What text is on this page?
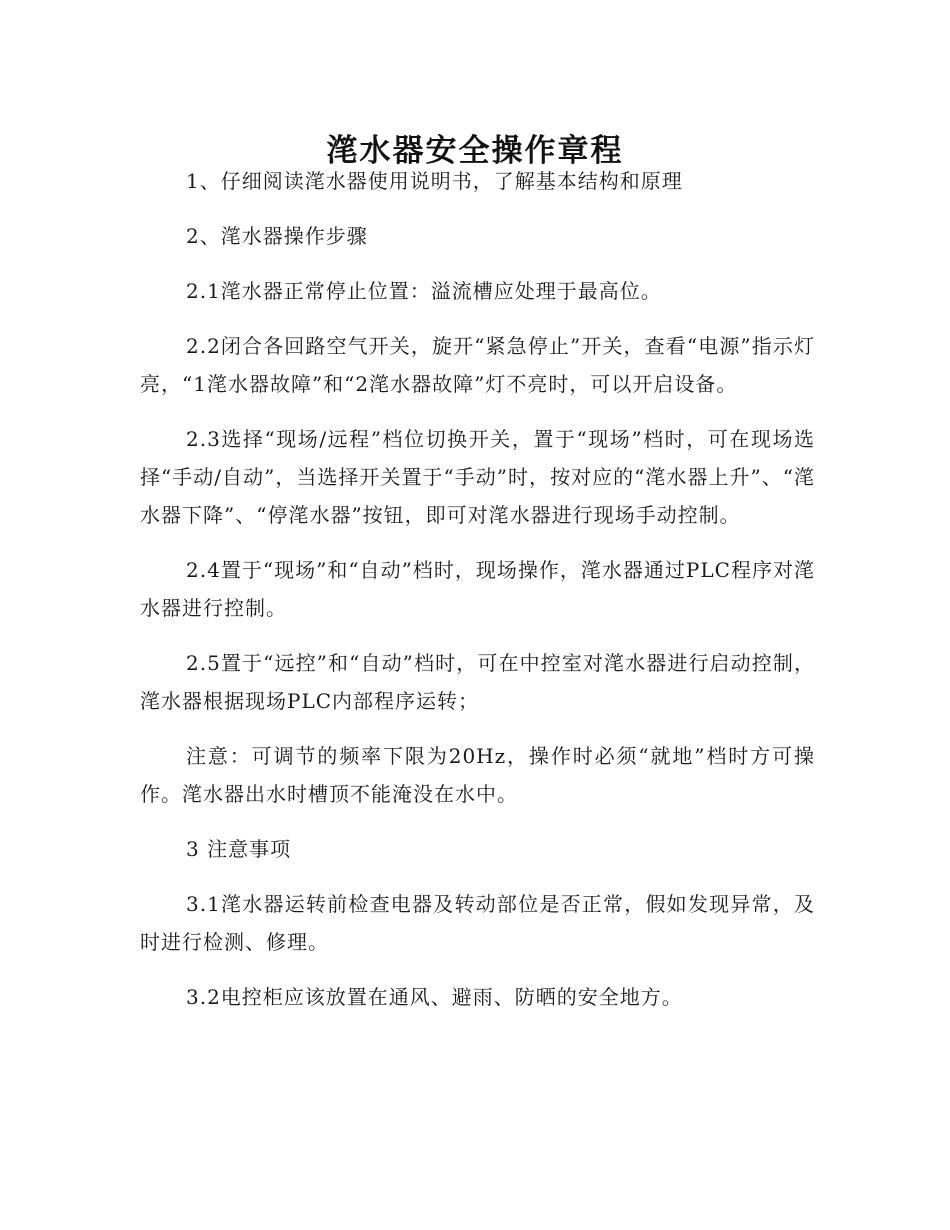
滗水器安全操作章程

1、仔细阅读滗水器使用说明书，了解基本结构和原理

2、滗水器操作步骤

2.1滗水器正常停止位置：溢流槽应处理于最高位。

2.2闭合各回路空气开关，旋开“紧急停止”开关，查看“电源”指示灯亮，“1滗水器故障”和“2滗水器故障”灯不亮时，可以开启设备。

2.3选择“现场/远程”档位切换开关，置于“现场”档时，可在现场选择“手动/自动”，当选择开关置于“手动”时，按对应的“滗水器上升”、“滗水器下降”、“停滗水器”按钮，即可对滗水器进行现场手动控制。

2.4置于“现场”和“自动”档时，现场操作，滗水器通过PLC程序对滗水器进行控制。

2.5置于“远控”和“自动”档时，可在中控室对滗水器进行启动控制，滗水器根据现场PLC内部程序运转；

注意：可调节的频率下限为20Hz，操作时必须“就地”档时方可操作。滗水器出水时槽顶不能淹没在水中。

3 注意事项

3.1滗水器运转前检查电器及转动部位是否正常，假如发现异常，及时进行检测、修理。

3.2电控柜应该放置在通风、避雨、防晒的安全地方。
